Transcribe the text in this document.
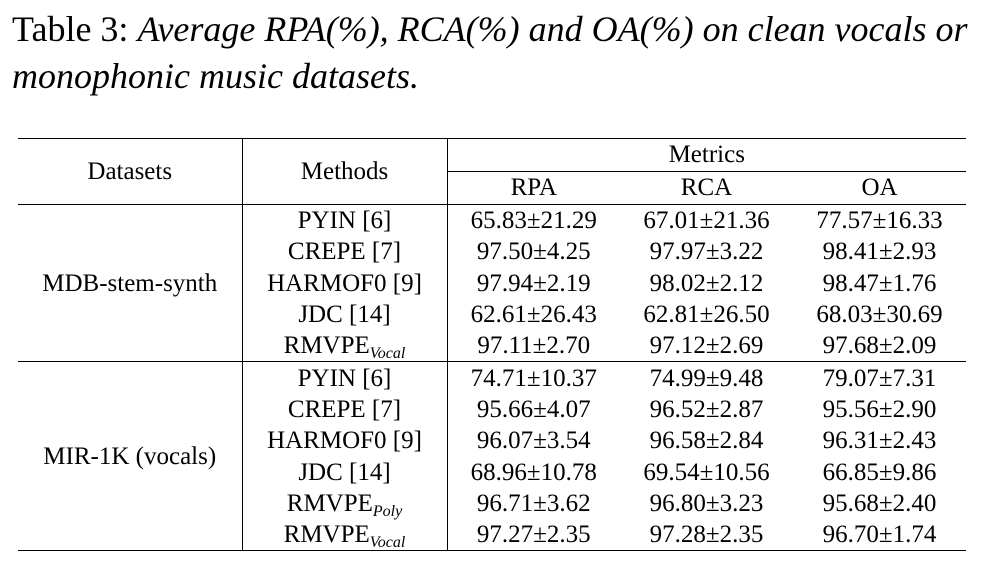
Table 3: Average RPA(%), RCA(%) and OA(%) on clean vocals or monophonic music datasets.
Datasets	Methods	Metrics		
		RPA	RCA	OA
MDB-stem-synth	PYIN [6]	65.83±21.29	67.01±21.36	77.57±16.33
	CREPE [7]	97.50±4.25	97.97±3.22	98.41±2.93
	HARMOF0 [9]	97.94±2.19	98.02±2.12	98.47±1.76
	JDC [14]	62.61±26.43	62.81±26.50	68.03±30.69
	$RMVPE_{Vocal}$	97.11±2.70	97.12±2.69	97.68±2.09
MIR-1K (vocals)	PYIN [6]	74.71±10.37	74.99±9.48	79.07±7.31
	CREPE [7]	95.66±4.07	96.52±2.87	95.56±2.90
	HARMOF0 [9]	96.07±3.54	96.58±2.84	96.31±2.43
	JDC [14]	68.96±10.78	69.54±10.56	66.85±9.86
	$RMVPE_{Poly}$	96.71±3.62	96.80±3.23	95.68±2.40
	$RMVPE_{Vocal}$	97.27±2.35	97.28±2.35	96.70±1.74
